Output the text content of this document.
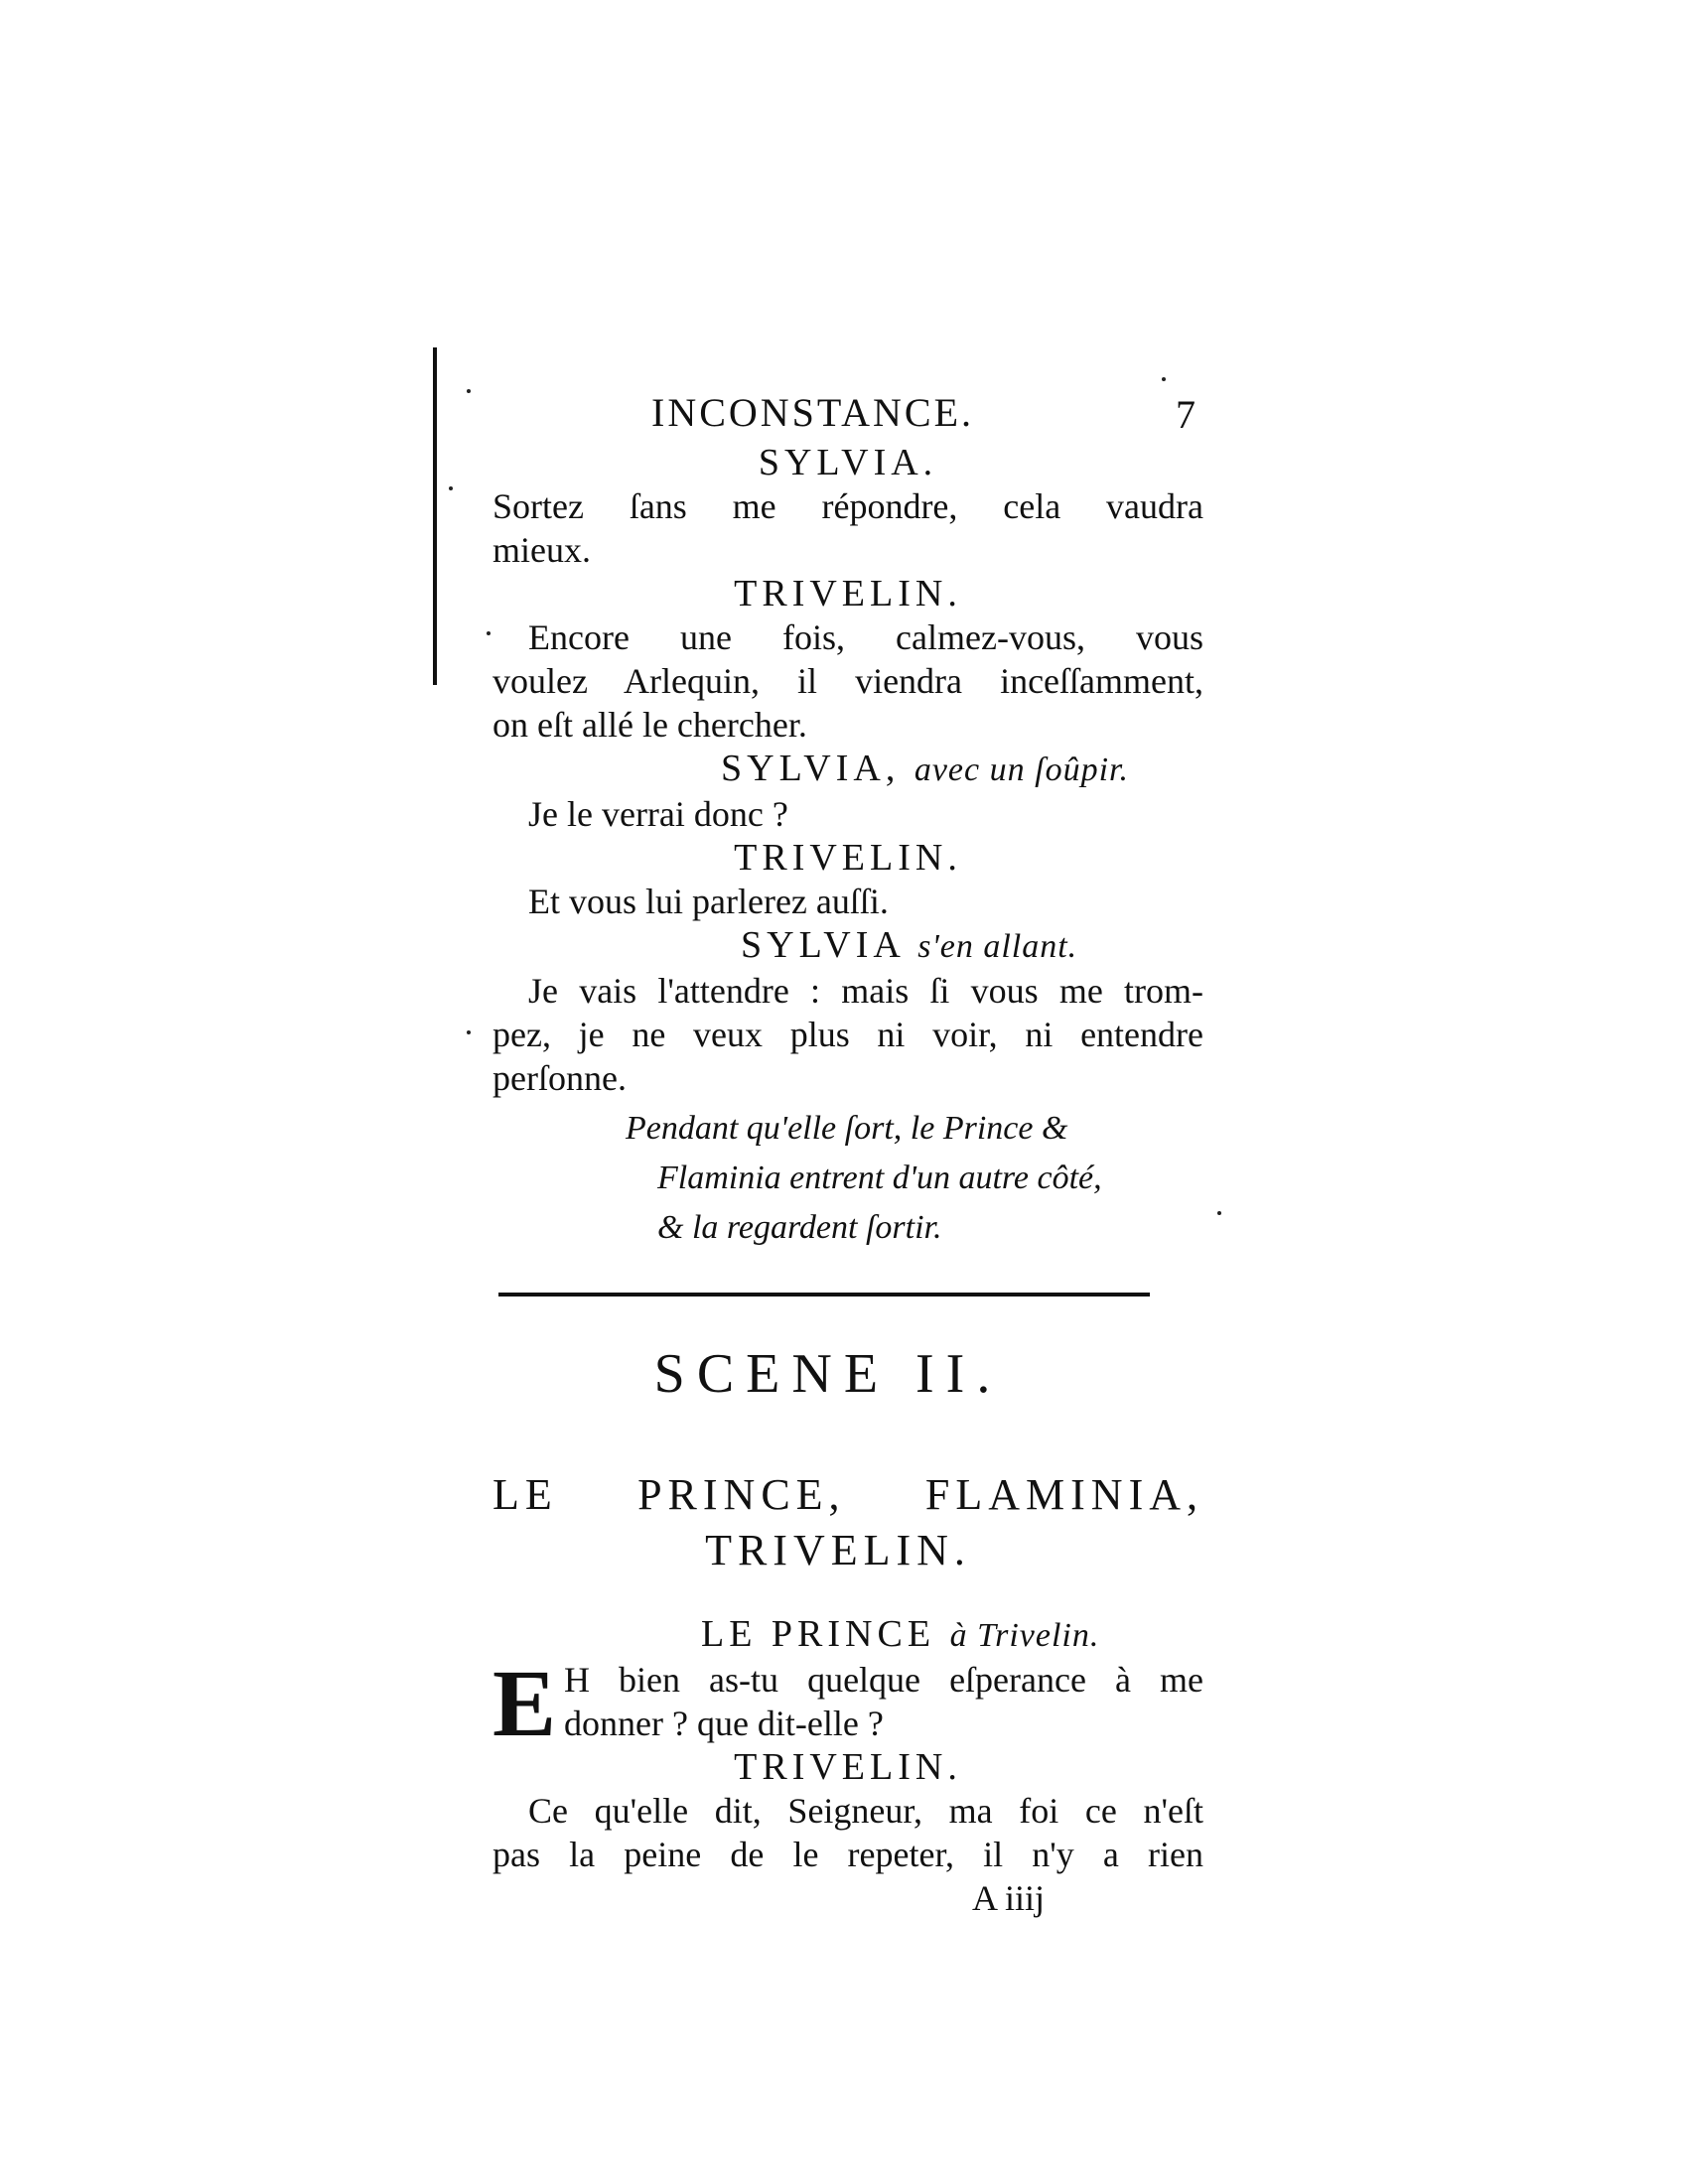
INCONSTANCE.	7
SYLVIA.
Sortez ſans me répondre, cela vaudra
mieux.
TRIVELIN.
Encore une fois, calmez-vous, vous
voulez Arlequin, il viendra inceſſamment,
on eſt allé le chercher.
SYLVIA, avec un ſoûpir.
Je le verrai donc ?
TRIVELIN.
Et vous lui parlerez auſſi.
SYLVIA s'en allant.
Je vais l'attendre : mais ſi vous me trom-
pez, je ne veux plus ni voir, ni entendre
perſonne.
Pendant qu'elle ſort, le Prince &
Flaminia entrent d'un autre côté,
& la regardent ſortir.
SCENE II.
LE PRINCE, FLAMINIA,
TRIVELIN.
LE PRINCE à Trivelin.
E H bien as-tu quelque eſperance à me
donner ? que dit-elle ?
TRIVELIN.
Ce qu'elle dit, Seigneur, ma foi ce n'eſt
pas la peine de le repeter, il n'y a rien
A iiij
